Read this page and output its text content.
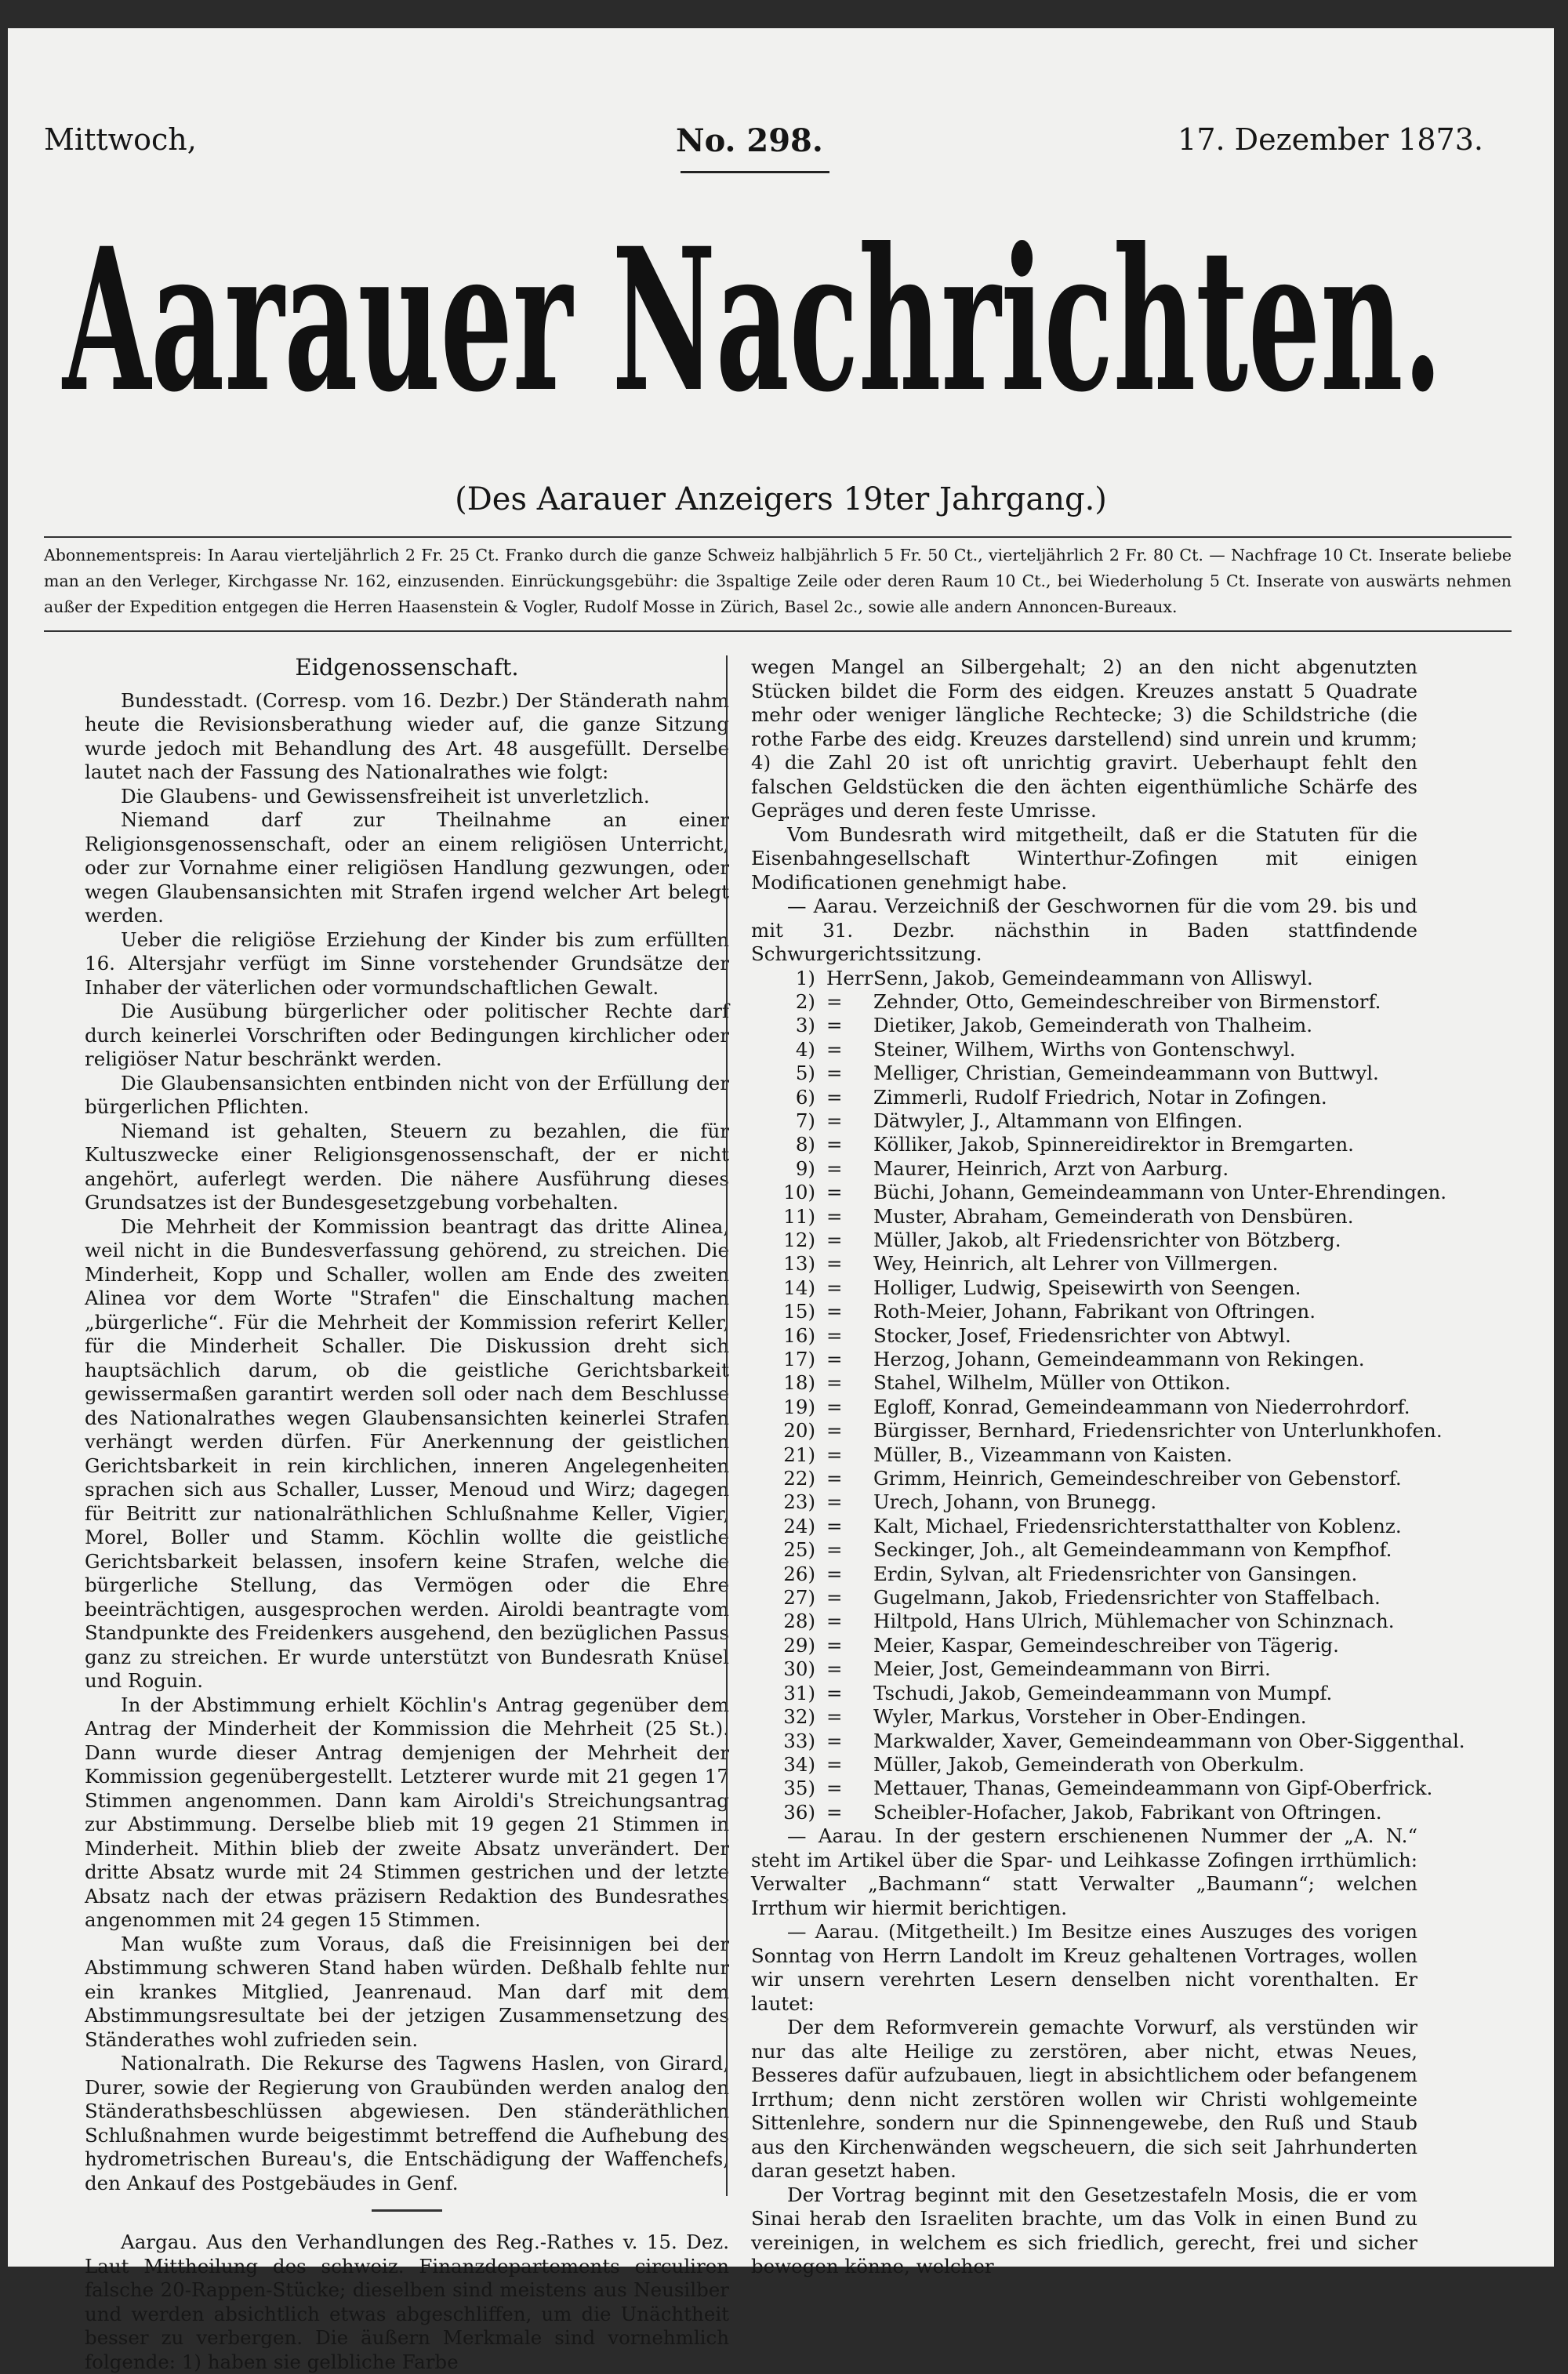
Mittwoch,	No. 298.	17. Dezember 1873.
Aarauer Nachrichten.
(Des Aarauer Anzeigers 19ter Jahrgang.)
Abonnementspreis: In Aarau vierteljährlich 2 Fr. 25 Ct. Franko durch die ganze Schweiz halbjährlich 5 Fr. 50 Ct., vierteljährlich 2 Fr. 80 Ct. — Nachfrage 10 Ct. Inserate beliebe man an den Verleger, Kirchgasse Nr. 162, einzusenden. Einrückungsgebühr: die 3spaltige Zeile oder deren Raum 10 Ct., bei Wiederholung 5 Ct. Inserate von auswärts nehmen außer der Expedition entgegen die Herren Haasenstein & Vogler, Rudolf Mosse in Zürich, Basel 2c., sowie alle andern Annoncen-Bureaux.
Eidgenossenschaft.

Bundesstadt. (Corresp. vom 16. Dezbr.) Der Ständerath nahm heute die Revisionsberathung wieder auf, die ganze Sitzung wurde jedoch mit Behandlung des Art. 48 ausgefüllt. Derselbe lautet nach der Fassung des Nationalrathes wie folgt:

Die Glaubens- und Gewissensfreiheit ist unverletzlich.

Niemand darf zur Theilnahme an einer Religionsgenossenschaft, oder an einem religiösen Unterricht, oder zur Vornahme einer religiösen Handlung gezwungen, oder wegen Glaubensansichten mit Strafen irgend welcher Art belegt werden.

Ueber die religiöse Erziehung der Kinder bis zum erfüllten 16. Altersjahr verfügt im Sinne vorstehender Grundsätze der Inhaber der väterlichen oder vormundschaftlichen Gewalt.

Die Ausübung bürgerlicher oder politischer Rechte darf durch keinerlei Vorschriften oder Bedingungen kirchlicher oder religiöser Natur beschränkt werden.

Die Glaubensansichten entbinden nicht von der Erfüllung der bürgerlichen Pflichten.

Niemand ist gehalten, Steuern zu bezahlen, die für Kultuszwecke einer Religionsgenossenschaft, der er nicht angehört, auferlegt werden. Die nähere Ausführung dieses Grundsatzes ist der Bundesgesetzgebung vorbehalten.

Die Mehrheit der Kommission beantragt das dritte Alinea, weil nicht in die Bundesverfassung gehörend, zu streichen. Die Minderheit, Kopp und Schaller, wollen am Ende des zweiten Alinea vor dem Worte "Strafen" die Einschaltung machen „bürgerliche“. Für die Mehrheit der Kommission referirt Keller, für die Minderheit Schaller. Die Diskussion dreht sich hauptsächlich darum, ob die geistliche Gerichtsbarkeit gewissermaßen garantirt werden soll oder nach dem Beschlusse des Nationalrathes wegen Glaubensansichten keinerlei Strafen verhängt werden dürfen. Für Anerkennung der geistlichen Gerichtsbarkeit in rein kirchlichen, inneren Angelegenheiten sprachen sich aus Schaller, Lusser, Menoud und Wirz; dagegen für Beitritt zur nationalräthlichen Schlußnahme Keller, Vigier, Morel, Boller und Stamm. Köchlin wollte die geistliche Gerichtsbarkeit belassen, insofern keine Strafen, welche die bürgerliche Stellung, das Vermögen oder die Ehre beeinträchtigen, ausgesprochen werden. Airoldi beantragte vom Standpunkte des Freidenkers ausgehend, den bezüglichen Passus ganz zu streichen. Er wurde unterstützt von Bundesrath Knüsel und Roguin.

In der Abstimmung erhielt Köchlin's Antrag gegenüber dem Antrag der Minderheit der Kommission die Mehrheit (25 St.). Dann wurde dieser Antrag demjenigen der Mehrheit der Kommission gegenübergestellt. Letzterer wurde mit 21 gegen 17 Stimmen angenommen. Dann kam Airoldi's Streichungsantrag zur Abstimmung. Derselbe blieb mit 19 gegen 21 Stimmen in Minderheit. Mithin blieb der zweite Absatz unverändert. Der dritte Absatz wurde mit 24 Stimmen gestrichen und der letzte Absatz nach der etwas präzisern Redaktion des Bundesrathes angenommen mit 24 gegen 15 Stimmen.

Man wußte zum Voraus, daß die Freisinnigen bei der Abstimmung schweren Stand haben würden. Deßhalb fehlte nur ein krankes Mitglied, Jeanrenaud. Man darf mit dem Abstimmungsresultate bei der jetzigen Zusammensetzung des Ständerathes wohl zufrieden sein.

Nationalrath. Die Rekurse des Tagwens Haslen, von Girard, Durer, sowie der Regierung von Graubünden werden analog den Ständerathsbeschlüssen abgewiesen. Den ständeräthlichen Schlußnahmen wurde beigestimmt betreffend die Aufhebung des hydrometrischen Bureau's, die Entschädigung der Waffenchefs, den Ankauf des Postgebäudes in Genf.

Aargau. Aus den Verhandlungen des Reg.-Rathes v. 15. Dez. Laut Mittheilung des schweiz. Finanzdepartements circuliren falsche 20-Rappen-Stücke; dieselben sind meistens aus Neusilber und werden absichtlich etwas abgeschliffen, um die Unächtheit besser zu verbergen. Die äußern Merkmale sind vornehmlich folgende: 1) haben sie gelbliche Farbe

wegen Mangel an Silbergehalt; 2) an den nicht abgenutzten Stücken bildet die Form des eidgen. Kreuzes anstatt 5 Quadrate mehr oder weniger längliche Rechtecke; 3) die Schildstriche (die rothe Farbe des eidg. Kreuzes darstellend) sind unrein und krumm; 4) die Zahl 20 ist oft unrichtig gravirt. Ueberhaupt fehlt den falschen Geldstücken die den ächten eigenthümliche Schärfe des Gepräges und deren feste Umrisse.

Vom Bundesrath wird mitgetheilt, daß er die Statuten für die Eisenbahngesellschaft Winterthur-Zofingen mit einigen Modificationen genehmigt habe.

— Aarau. Verzeichniß der Geschwornen für die vom 29. bis und mit 31. Dezbr. nächsthin in Baden stattfindende Schwurgerichtssitzung.

1) Herr Senn, Jakob, Gemeindeammann von Alliswyl.
2) =	Zehnder, Otto, Gemeindeschreiber von Birmenstorf.
3) =	Dietiker, Jakob, Gemeinderath von Thalheim.
4) =	Steiner, Wilhem, Wirths von Gontenschwyl.
5) =	Melliger, Christian, Gemeindeammann von Buttwyl.
6) =	Zimmerli, Rudolf Friedrich, Notar in Zofingen.
7) =	Dätwyler, J., Altammann von Elfingen.
8) =	Kölliker, Jakob, Spinnereidirektor in Bremgarten.
9) =	Maurer, Heinrich, Arzt von Aarburg.
10) =	Büchi, Johann, Gemeindeammann von Unter-Ehrendingen.
11) =	Muster, Abraham, Gemeinderath von Densbüren.
12) =	Müller, Jakob, alt Friedensrichter von Bötzberg.
13) =	Wey, Heinrich, alt Lehrer von Villmergen.
14) =	Holliger, Ludwig, Speisewirth von Seengen.
15) =	Roth-Meier, Johann, Fabrikant von Oftringen.
16) =	Stocker, Josef, Friedensrichter von Abtwyl.
17) =	Herzog, Johann, Gemeindeammann von Rekingen.
18) =	Stahel, Wilhelm, Müller von Ottikon.
19) =	Egloff, Konrad, Gemeindeammann von Niederrohrdorf.
20) =	Bürgisser, Bernhard, Friedensrichter von Unterlunkhofen.
21) =	Müller, B., Vizeammann von Kaisten.
22) =	Grimm, Heinrich, Gemeindeschreiber von Gebenstorf.
23) =	Urech, Johann, von Brunegg.
24) =	Kalt, Michael, Friedensrichterstatthalter von Koblenz.
25) =	Seckinger, Joh., alt Gemeindeammann von Kempfhof.
26) =	Erdin, Sylvan, alt Friedensrichter von Gansingen.
27) =	Gugelmann, Jakob, Friedensrichter von Staffelbach.
28) =	Hiltpold, Hans Ulrich, Mühlemacher von Schinznach.
29) =	Meier, Kaspar, Gemeindeschreiber von Tägerig.
30) =	Meier, Jost, Gemeindeammann von Birri.
31) =	Tschudi, Jakob, Gemeindeammann von Mumpf.
32) =	Wyler, Markus, Vorsteher in Ober-Endingen.
33) =	Markwalder, Xaver, Gemeindeammann von Ober-Siggenthal.
34) =	Müller, Jakob, Gemeinderath von Oberkulm.
35) =	Mettauer, Thanas, Gemeindeammann von Gipf-Oberfrick.
36) =	Scheibler-Hofacher, Jakob, Fabrikant von Oftringen.

— Aarau. In der gestern erschienenen Nummer der „A. N.“ steht im Artikel über die Spar- und Leihkasse Zofingen irrthümlich: Verwalter „Bachmann“ statt Verwalter „Baumann“; welchen Irrthum wir hiermit berichtigen.

— Aarau. (Mitgetheilt.) Im Besitze eines Auszuges des vorigen Sonntag von Herrn Landolt im Kreuz gehaltenen Vortrages, wollen wir unsern verehrten Lesern denselben nicht vorenthalten. Er lautet:

Der dem Reformverein gemachte Vorwurf, als verstünden wir nur das alte Heilige zu zerstören, aber nicht, etwas Neues, Besseres dafür aufzubauen, liegt in absichtlichem oder befangenem Irrthum; denn nicht zerstören wollen wir Christi wohlgemeinte Sittenlehre, sondern nur die Spinnengewebe, den Ruß und Staub aus den Kirchenwänden wegscheuern, die sich seit Jahrhunderten daran gesetzt haben.

Der Vortrag beginnt mit den Gesetzestafeln Mosis, die er vom Sinai herab den Israeliten brachte, um das Volk in einen Bund zu vereinigen, in welchem es sich friedlich, gerecht, frei und sicher bewegen könne, welcher
